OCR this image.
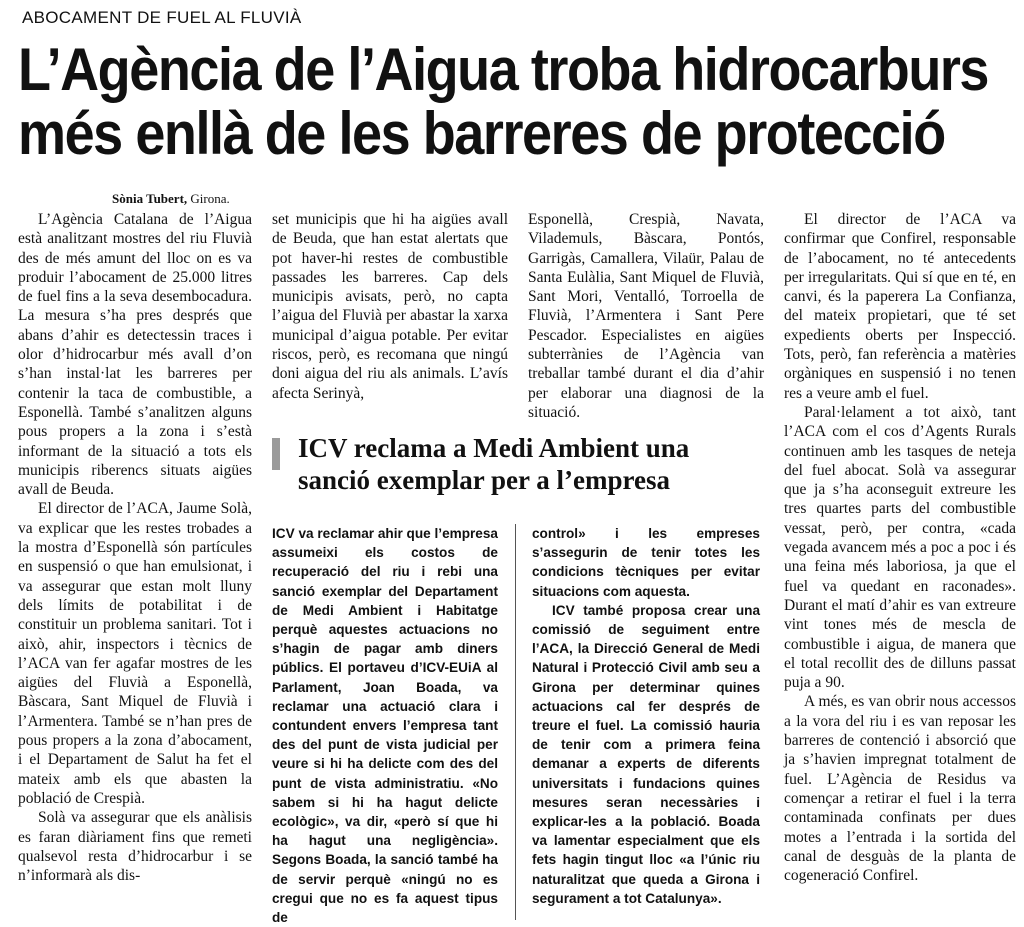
ABOCAMENT DE FUEL AL FLUVIÀ
L’Agència de l’Aigua troba hidrocarburs
més enllà de les barreres de protecció
Sònia Tubert, Girona.

L’Agència Catalana de l’Aigua està analitzant mostres del riu Fluvià des de més amunt del lloc on es va produir l’abocament de 25.000 litres de fuel fins a la seva desembocadura. La mesura s’ha pres després que abans d’ahir es detectessin traces i olor d’hidrocarbur més avall d’on s’han instal·lat les barreres per contenir la taca de combustible, a Esponellà. També s’analitzen alguns pous propers a la zona i s’està informant de la situació a tots els municipis riberencs situats aigües avall de Beuda.

El director de l’ACA, Jaume Solà, va explicar que les restes trobades a la mostra d’Esponellà són partícules en suspensió o que han emulsionat, i va assegurar que estan molt lluny dels límits de potabilitat i de constituir un problema sanitari. Tot i això, ahir, inspectors i tècnics de l’ACA van fer agafar mostres de les aigües del Fluvià a Esponellà, Bàscara, Sant Miquel de Fluvià i l’Armentera. També se n’han pres de pous propers a la zona d’abocament, i el Departament de Salut ha fet el mateix amb els que abasten la població de Crespià.

Solà va assegurar que els anàlisis es faran diàriament fins que remeti qualsevol resta d’hidrocarbur i se n’informarà als dis-

set municipis que hi ha aigües avall de Beuda, que han estat alertats que pot haver-hi restes de combustible passades les barreres. Cap dels municipis avisats, però, no capta l’aigua del Fluvià per abastar la xarxa municipal d’aigua potable. Per evitar riscos, però, es recomana que ningú doni aigua del riu als animals. L’avís afecta Serinyà,

Esponellà, Crespià, Navata, Vilademuls, Bàscara, Pontós, Garrigàs, Camallera, Vilaür, Palau de Santa Eulàlia, Sant Miquel de Fluvià, Sant Mori, Ventalló, Torroella de Fluvià, l’Armentera i Sant Pere Pescador. Especialistes en aigües subterrànies de l’Agència van treballar també durant el dia d’ahir per elaborar una diagnosi de la situació.

El director de l’ACA va confirmar que Confirel, responsable de l’abocament, no té antecedents per irregularitats. Qui sí que en té, en canvi, és la paperera La Confianza, del mateix propietari, que té set expedients oberts per Inspecció. Tots, però, fan referència a matèries orgàniques en suspensió i no tenen res a veure amb el fuel.

Paral·lelament a tot això, tant l’ACA com el cos d’Agents Rurals continuen amb les tasques de neteja del fuel abocat. Solà va assegurar que ja s’ha aconseguit extreure les tres quartes parts del combustible vessat, però, per contra, «cada vegada avancem més a poc a poc i és una feina més laboriosa, ja que el fuel va quedant en raconades». Durant el matí d’ahir es van extreure vint tones més de mescla de combustible i aigua, de manera que el total recollit des de dilluns passat puja a 90.

A més, es van obrir nous accessos a la vora del riu i es van reposar les barreres de contenció i absorció que ja s’havien impregnat totalment de fuel. L’Agència de Residus va començar a retirar el fuel i la terra contaminada confinats per dues motes a l’entrada i la sortida del canal de desguàs de la planta de cogeneració Confirel.

ICV reclama a Medi Ambient una
sanció exemplar per a l’empresa

ICV va reclamar ahir que l’empresa assumeixi els costos de recuperació del riu i rebi una sanció exemplar del Departament de Medi Ambient i Habitatge perquè aquestes actuacions no s’hagin de pagar amb diners públics. El portaveu d’ICV-EUiA al Parlament, Joan Boada, va reclamar una actuació clara i contundent envers l’empresa tant des del punt de vista judicial per veure si hi ha delicte com des del punt de vista administratiu. «No sabem si hi ha hagut delicte ecològic», va dir, «però sí que hi ha hagut una negligència». Segons Boada, la sanció també ha de servir perquè «ningú no es cregui que no es fa aquest tipus de

control» i les empreses s’assegurin de tenir totes les condicions tècniques per evitar situacions com aquesta.

ICV també proposa crear una comissió de seguiment entre l’ACA, la Direcció General de Medi Natural i Protecció Civil amb seu a Girona per determinar quines actuacions cal fer després de treure el fuel. La comissió hauria de tenir com a primera feina demanar a experts de diferents universitats i fundacions quines mesures seran necessàries i explicar-les a la població. Boada va lamentar especialment que els fets hagin tingut lloc «a l’únic riu naturalitzat que queda a Girona i segurament a tot Catalunya».
